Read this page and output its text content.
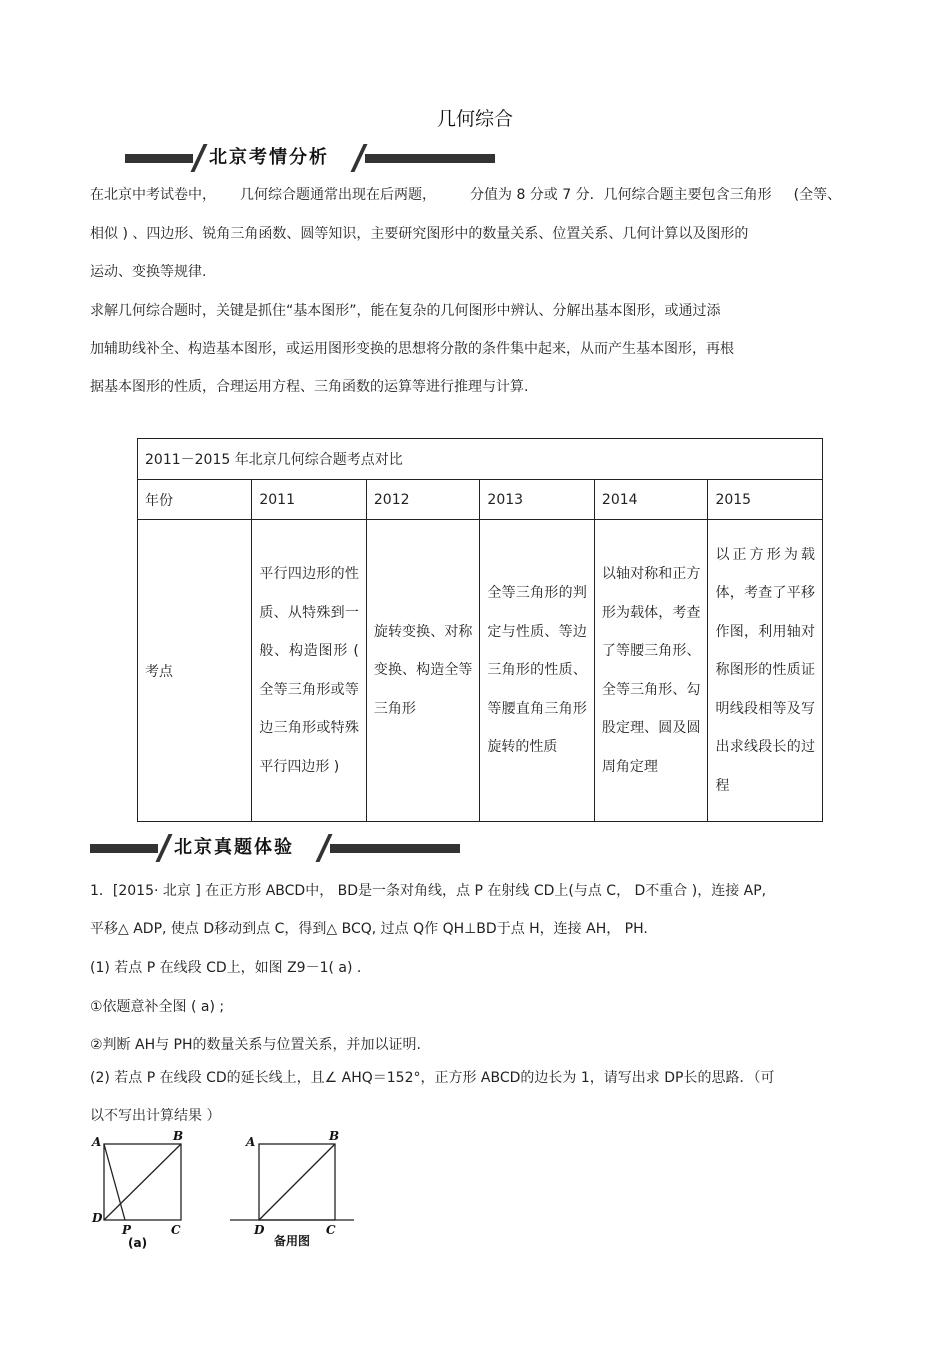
几何综合
北京考情分析
在北京中考试卷中， 几何综合题通常出现在后两题， 分值为 8 分或 7 分．几何综合题主要包含三角形 (全等、
相似 ) 、四边形、锐角三角函数、圆等知识，主要研究图形中的数量关系、位置关系、几何计算以及图形的
运动、变换等规律.
求解几何综合题时，关键是抓住“基本图形”，能在复杂的几何图形中辨认、分解出基本图形，或通过添
加辅助线补全、构造基本图形，或运用图形变换的思想将分散的条件集中起来，从而产生基本图形，再根
据基本图形的性质，合理运用方程、三角函数的运算等进行推理与计算.
2011－2015 年北京几何综合题考点对比					
年份	2011	2012	2013	2014	2015
考点	平行四边形的性质、从特殊到一般、构造图形 ( 全等三角形或等边三角形或特殊平行四边形 )	旋转变换、对称变换、构造全等三角形	全等三角形的判定与性质、等边三角形的性质、等腰直角三角形旋转的性质	以轴对称和正方形为载体，考查了等腰三角形、全等三角形、勾股定理、圆及圆周角定理	以正方形为载体，考查了平移作图，利用轴对称图形的性质证明线段相等及写出求线段长的过程
北京真题体验
1．[2015· 北京 ] 在正方形 ABCD中， BD是一条对角线，点 P 在射线 CD上(与点 C， D不重合 )，连接 AP,
平移△ ADP, 使点 D移动到点 C，得到△ BCQ, 过点 Q作 QH⊥BD于点 H，连接 AH， PH.
(1) 若点 P 在线段 CD上，如图 Z9－1( a) .
①依题意补全图 ( a) ;
②判断 AH与 PH的数量关系与位置关系，并加以证明.
(2) 若点 P 在线段 CD的延长线上，且∠ AHQ＝152°，正方形 ABCD的边长为 1，请写出求 DP长的思路．（可
以不写出计算结果 ）
A	B
C
D
P
(a)
A	B
C
D
备用图
